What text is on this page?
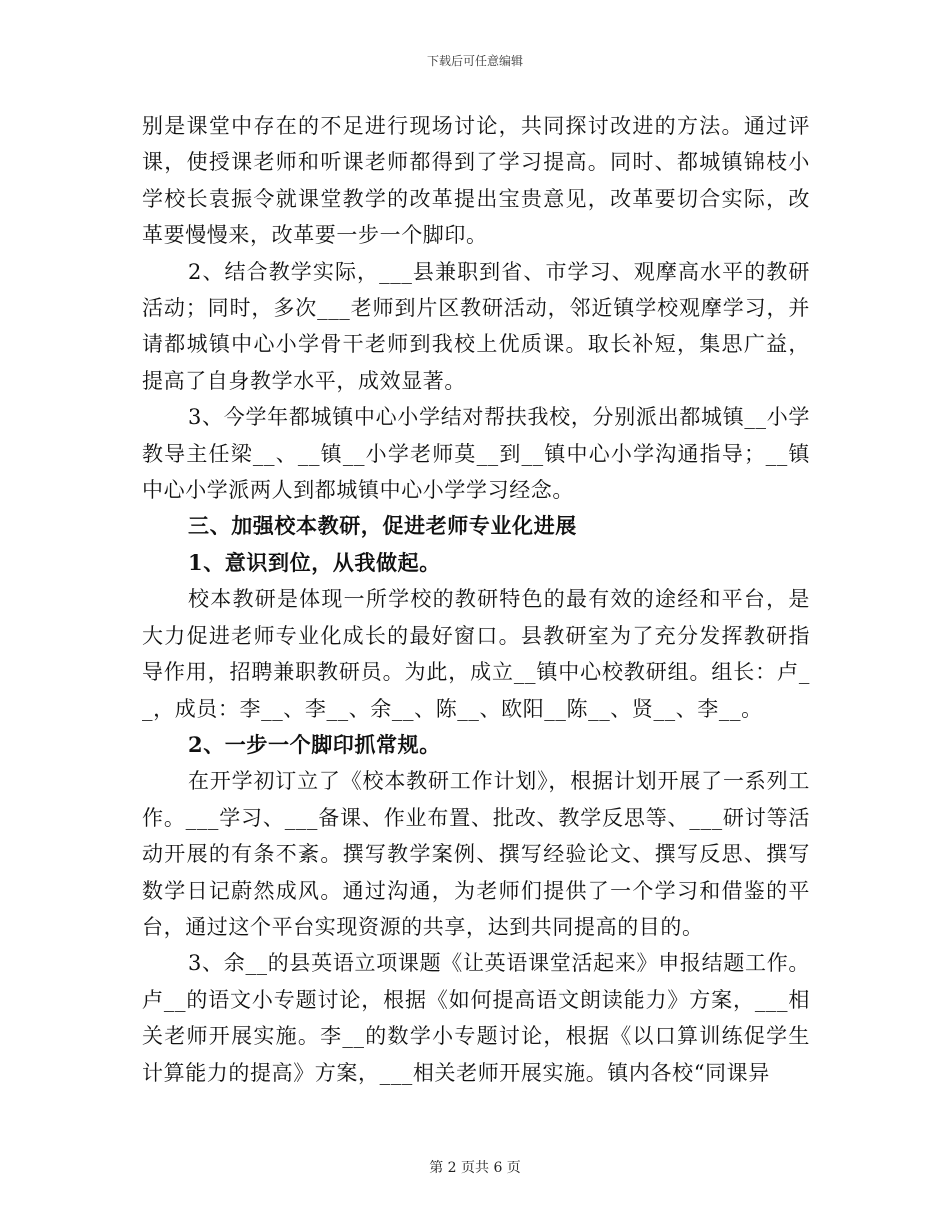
下载后可任意编辑

别是课堂中存在的不足进行现场讨论，共同探讨改进的方法。通过评课，使授课老师和听课老师都得到了学习提高。同时、都城镇锦枝小学校长袁振令就课堂教学的改革提出宝贵意见，改革要切合实际，改革要慢慢来，改革要一步一个脚印。

2、结合教学实际，___县兼职到省、市学习、观摩高水平的教研活动；同时，多次___老师到片区教研活动，邻近镇学校观摩学习，并请都城镇中心小学骨干老师到我校上优质课。取长补短，集思广益，提高了自身教学水平，成效显著。

3、今学年都城镇中心小学结对帮扶我校，分别派出都城镇__小学教导主任梁__、__镇__小学老师莫__到__镇中心小学沟通指导；__镇中心小学派两人到都城镇中心小学学习经念。

三、加强校本教研，促进老师专业化进展

1、意识到位，从我做起。

校本教研是体现一所学校的教研特色的最有效的途经和平台，是大力促进老师专业化成长的最好窗口。县教研室为了充分发挥教研指导作用，招聘兼职教研员。为此，成立__镇中心校教研组。组长：卢__，成员：李__、李__、余__、陈__、欧阳__陈__、贤__、李__。

2、一步一个脚印抓常规。

在开学初订立了《校本教研工作计划》，根据计划开展了一系列工作。___学习、___备课、作业布置、批改、教学反思等、___研讨等活动开展的有条不紊。撰写教学案例、撰写经验论文、撰写反思、撰写数学日记蔚然成风。通过沟通，为老师们提供了一个学习和借鉴的平台，通过这个平台实现资源的共享，达到共同提高的目的。

3、余__的县英语立项课题《让英语课堂活起来》申报结题工作。卢__的语文小专题讨论，根据《如何提高语文朗读能力》方案，___相关老师开展实施。李__的数学小专题讨论，根据《以口算训练促学生计算能力的提高》方案，___相关老师开展实施。镇内各校“同课异

第 2 页共 6 页
